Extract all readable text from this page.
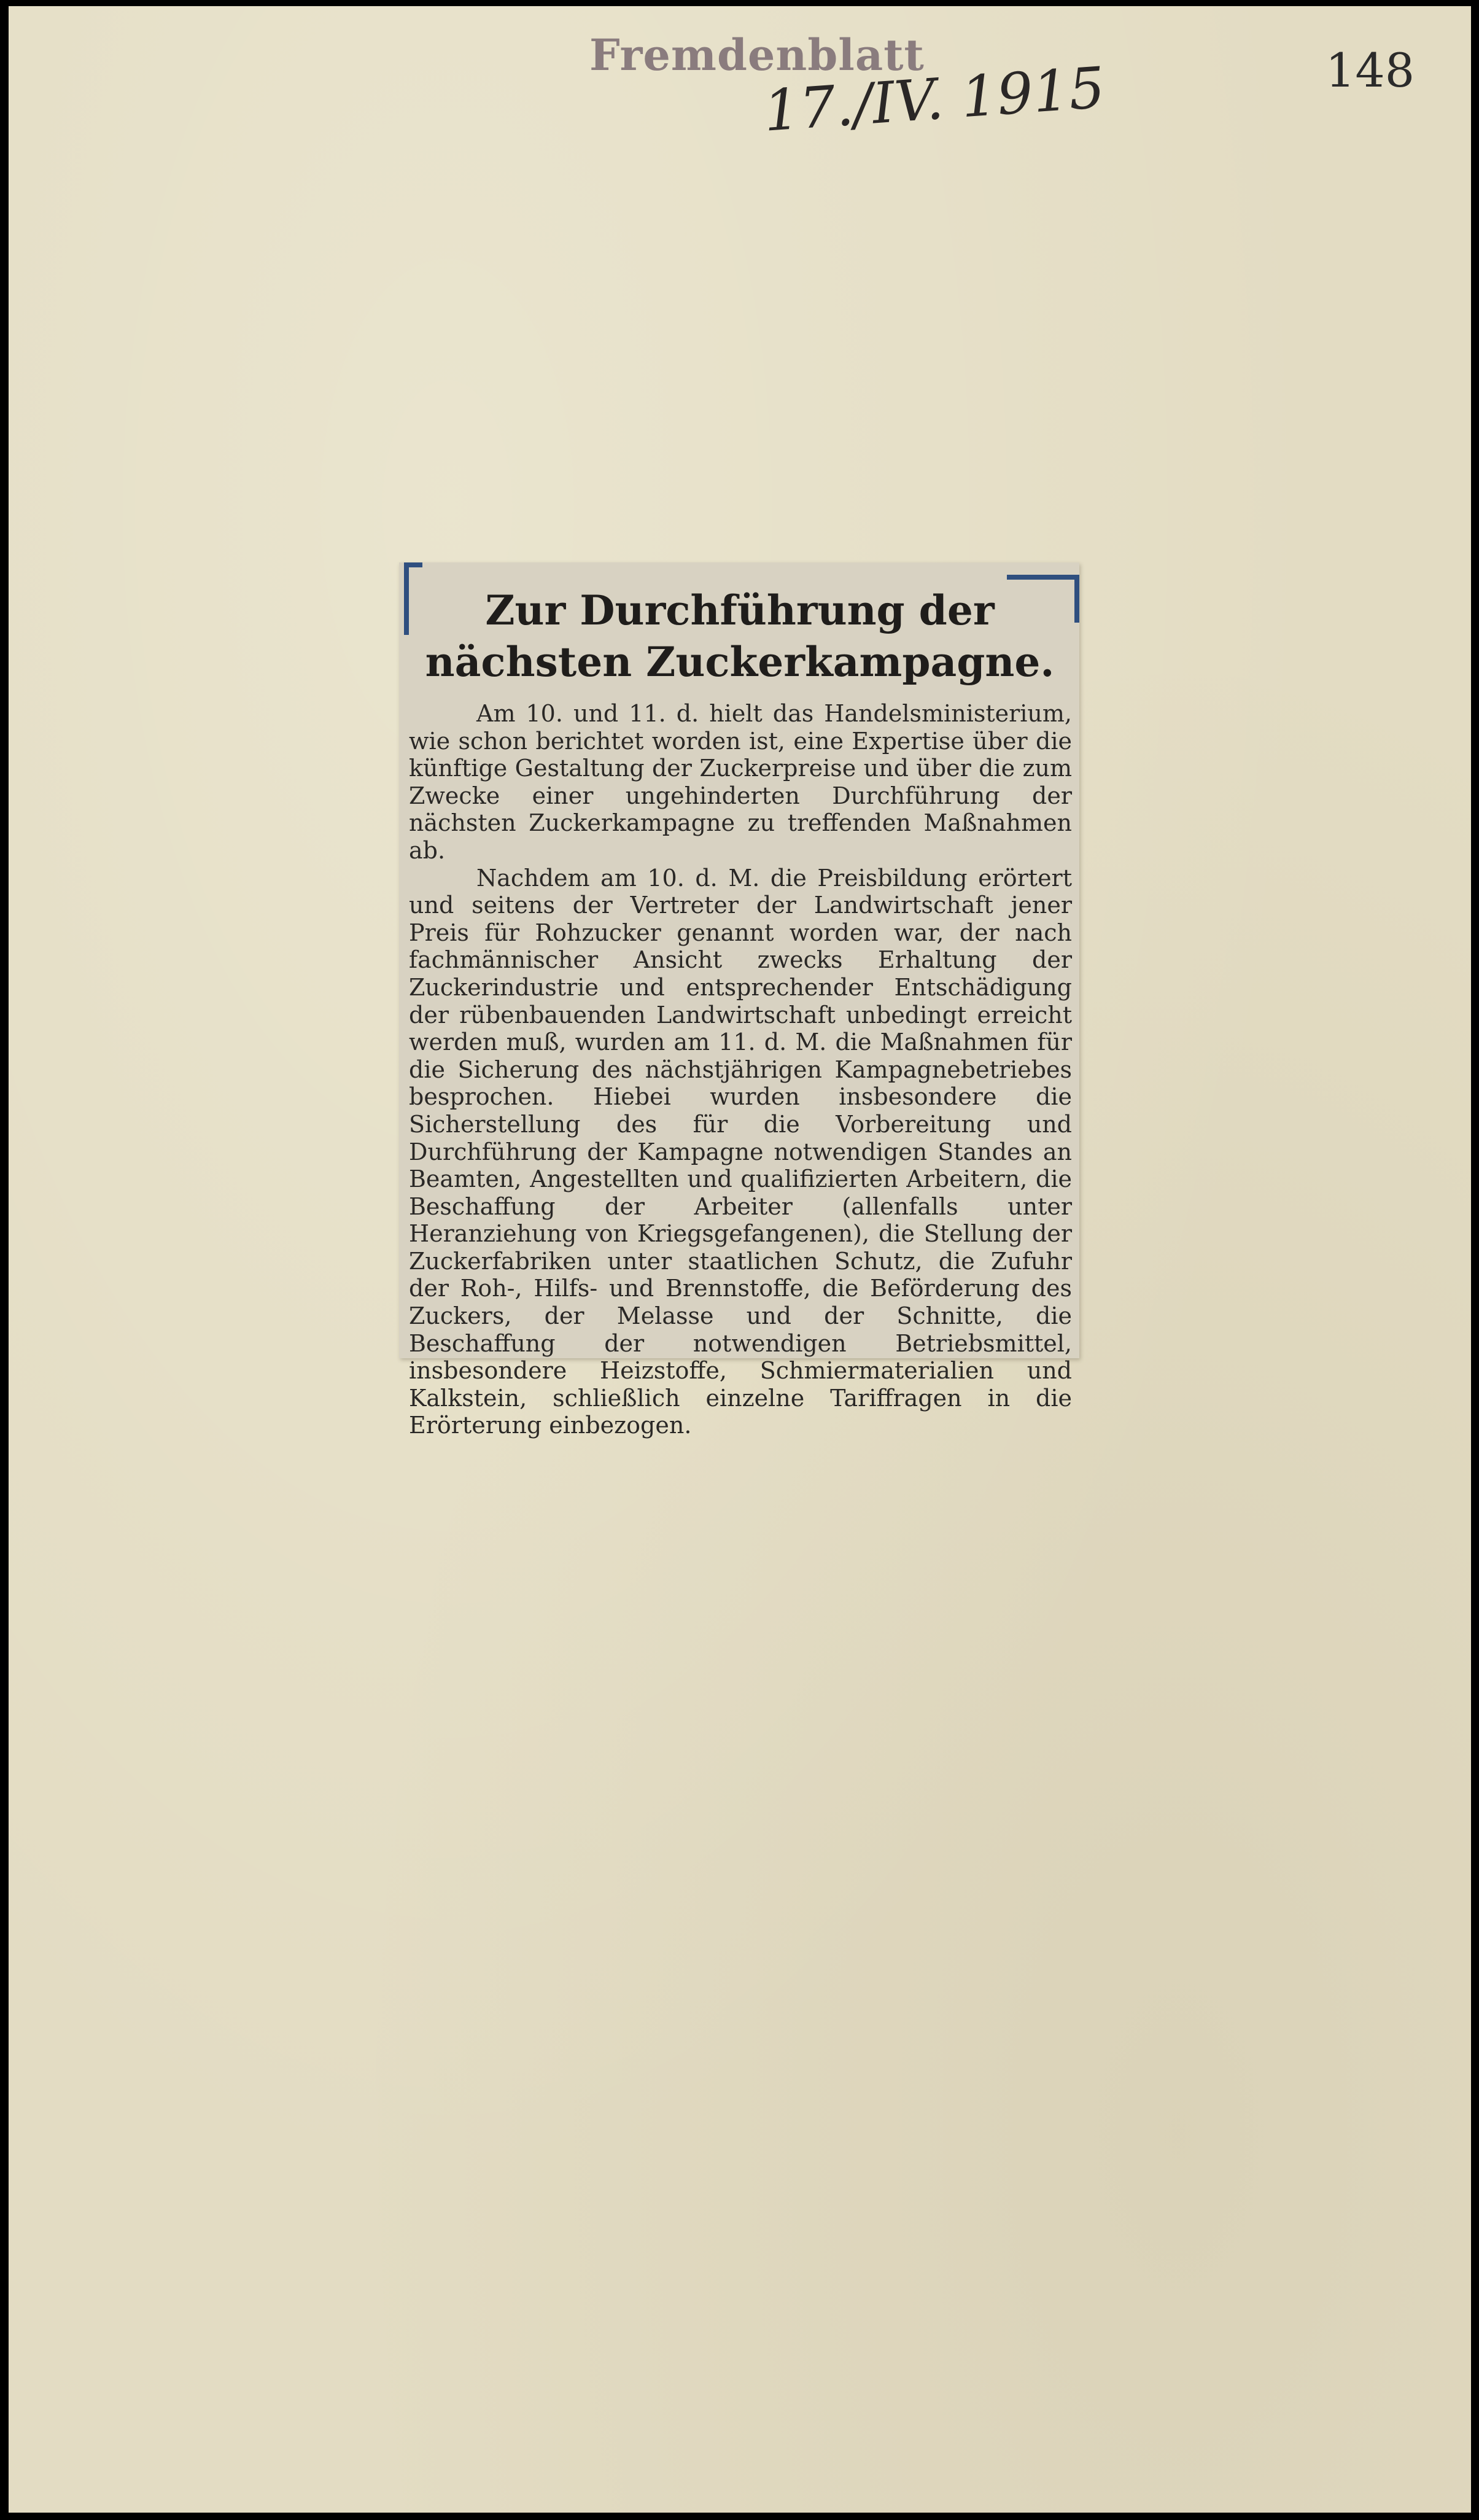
Fremdenblatt
17./IV. 1915	148
Zur Durchführung der nächsten Zuckerkampagne.

Am 10. und 11. d. hielt das Handelsministerium, wie schon berichtet worden ist, eine Expertise über die künftige Gestaltung der Zuckerpreise und über die zum Zwecke einer ungehinderten Durchführung der nächsten Zuckerkampagne zu treffenden Maßnahmen ab.

Nachdem am 10. d. M. die Preisbildung erörtert und seitens der Vertreter der Landwirtschaft jener Preis für Rohzucker genannt worden war, der nach fachmännischer Ansicht zwecks Erhaltung der Zuckerindustrie und entsprechender Entschädigung der rübenbauenden Landwirtschaft unbedingt erreicht werden muß, wurden am 11. d. M. die Maßnahmen für die Sicherung des nächstjährigen Kampagnebetriebes besprochen. Hiebei wurden insbesondere die Sicherstellung des für die Vorbereitung und Durchführung der Kampagne notwendigen Standes an Beamten, Angestellten und qualifizierten Arbeitern, die Beschaffung der Arbeiter (allenfalls unter Heranziehung von Kriegsgefangenen), die Stellung der Zuckerfabriken unter staatlichen Schutz, die Zufuhr der Roh-, Hilfs- und Brennstoffe, die Beförderung des Zuckers, der Melasse und der Schnitte, die Beschaffung der notwendigen Betriebsmittel, insbesondere Heizstoffe, Schmiermaterialien und Kalkstein, schließlich einzelne Tariffragen in die Erörterung einbezogen.
